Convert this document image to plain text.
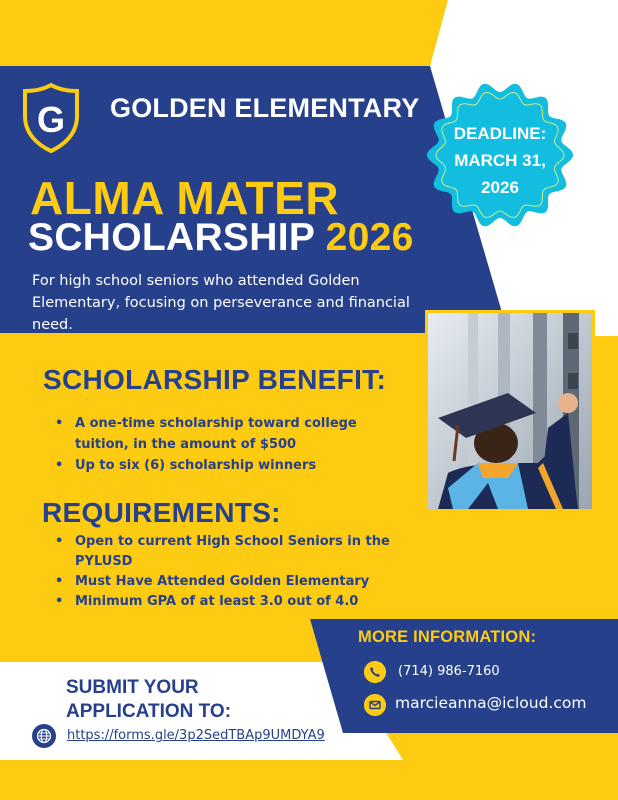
G GOLDEN ELEMENTARY
DEADLINE:
MARCH 31,
2026
ALMA MATER
SCHOLARSHIP 2026
For high school seniors who attended Golden Elementary, focusing on perseverance and financial need.
SCHOLARSHIP BENEFIT:
• A one-time scholarship toward college tuition, in the amount of $500
• Up to six (6) scholarship winners
REQUIREMENTS:
• Open to current High School Seniors in the PYLUSD
• Must Have Attended Golden Elementary
• Minimum GPA of at least 3.0 out of 4.0
SUBMIT YOUR
APPLICATION TO:
https://forms.gle/3p2SedTBAp9UMDYA9
MORE INFORMATION:
(714) 986-7160
marcieanna@icloud.com
